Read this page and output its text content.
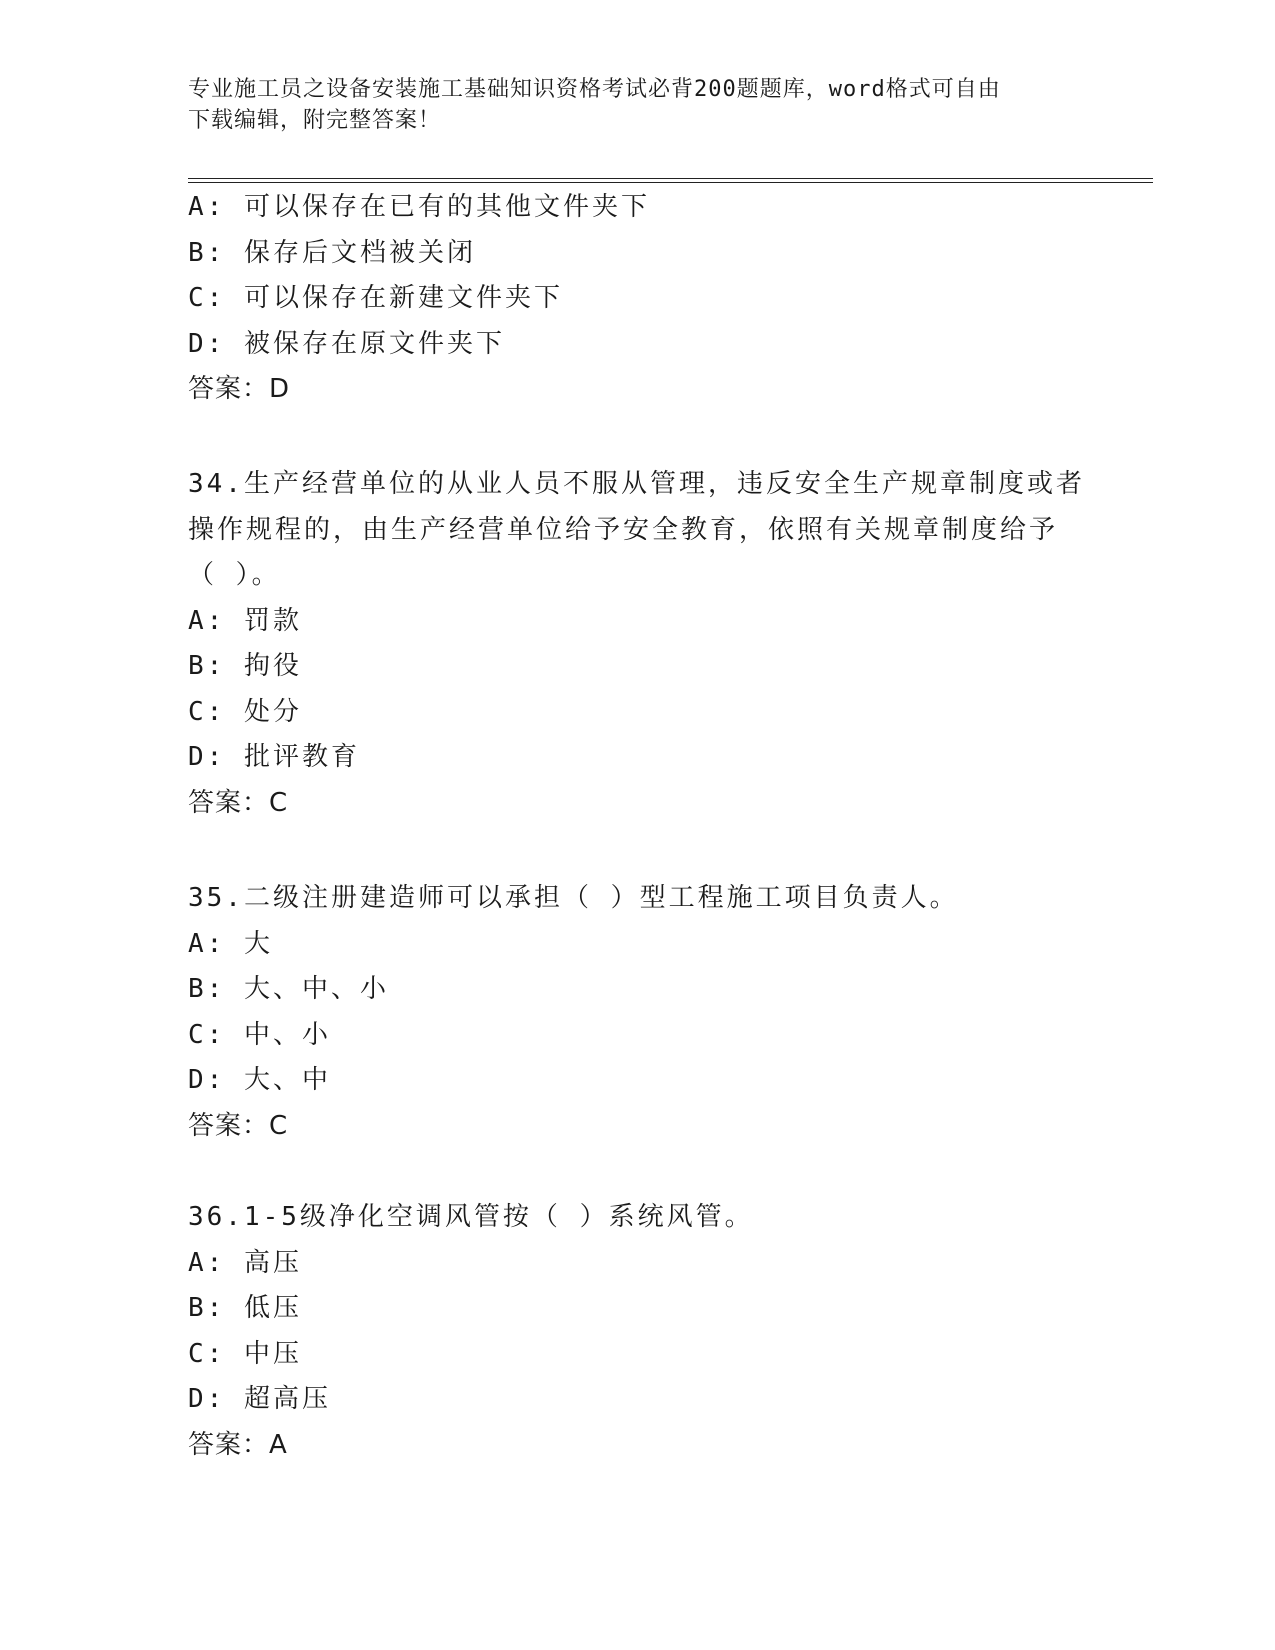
专业施工员之设备安装施工基础知识资格考试必背200题题库，word格式可自由
下载编辑，附完整答案！
A: 可以保存在已有的其他文件夹下
B: 保存后文档被关闭
C: 可以保存在新建文件夹下
D: 被保存在原文件夹下
答案：D
34.生产经营单位的从业人员不服从管理，违反安全生产规章制度或者
操作规程的，由生产经营单位给予安全教育，依照有关规章制度给予
（ ）。
A: 罚款
B: 拘役
C: 处分
D: 批评教育
答案：C
35.二级注册建造师可以承担（ ）型工程施工项目负责人。
A: 大
B: 大、中、小
C: 中、小
D: 大、中
答案：C
36.1-5级净化空调风管按（ ）系统风管。
A: 高压
B: 低压
C: 中压
D: 超高压
答案：A
